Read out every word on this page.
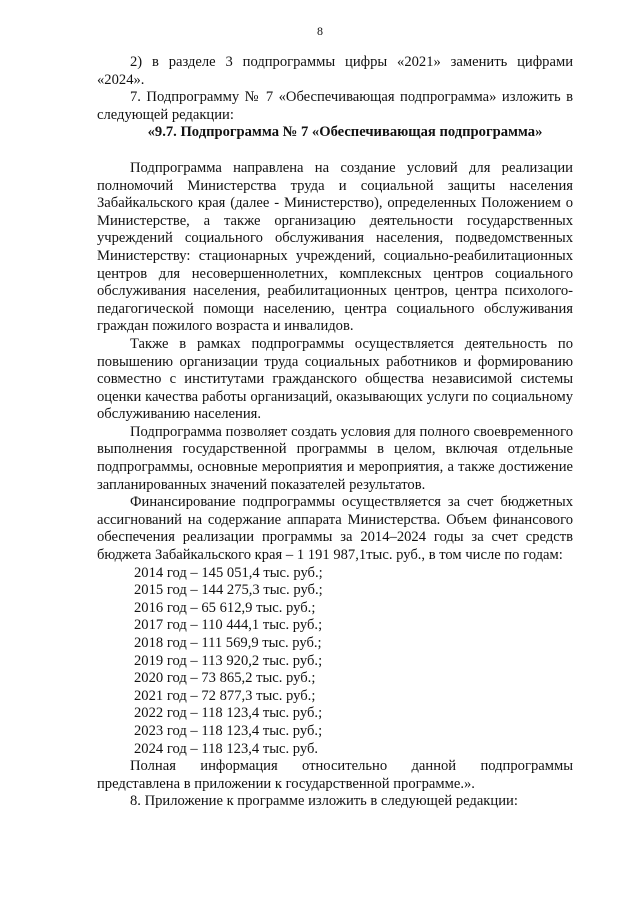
8

2) в разделе 3 подпрограммы цифры «2021» заменить цифрами «2024».

7. Подпрограмму № 7 «Обеспечивающая подпрограмма» изложить в следующей редакции:

«9.7. Подпрограмма № 7 «Обеспечивающая подпрограмма»

Подпрограмма направлена на создание условий для реализации полномочий Министерства труда и социальной защиты населения Забайкальского края (далее - Министерство), определенных Положением о Министерстве, а также организацию деятельности государственных учреждений социального обслуживания населения, подведомственных Министерству: стационарных учреждений, социально-реабилитационных центров для несовершеннолетних, комплексных центров социального обслуживания населения, реабилитационных центров, центра психолого-педагогической помощи населению, центра социального обслуживания граждан пожилого возраста и инвалидов.

Также в рамках подпрограммы осуществляется деятельность по повышению организации труда социальных работников и формированию совместно с институтами гражданского общества независимой системы оценки качества работы организаций, оказывающих услуги по социальному обслуживанию населения.

Подпрограмма позволяет создать условия для полного своевременного выполнения государственной программы в целом, включая отдельные подпрограммы, основные мероприятия и мероприятия, а также достижение запланированных значений показателей результатов.

Финансирование подпрограммы осуществляется за счет бюджетных ассигнований на содержание аппарата Министерства. Объем финансового обеспечения реализации программы за 2014–2024 годы за счет средств бюджета Забайкальского края – 1 191 987,1тыс. руб., в том числе по годам:

2014 год – 145 051,4 тыс. руб.;
2015 год – 144 275,3 тыс. руб.;
2016 год – 65 612,9 тыс. руб.;
2017 год – 110 444,1 тыс. руб.;
2018 год – 111 569,9 тыс. руб.;
2019 год – 113 920,2 тыс. руб.;
2020 год – 73 865,2 тыс. руб.;
2021 год – 72 877,3 тыс. руб.;
2022 год – 118 123,4 тыс. руб.;
2023 год – 118 123,4 тыс. руб.;
2024 год – 118 123,4 тыс. руб.

Полная информация относительно данной подпрограммы представлена в приложении к государственной программе.».

8. Приложение к программе изложить в следующей редакции:
